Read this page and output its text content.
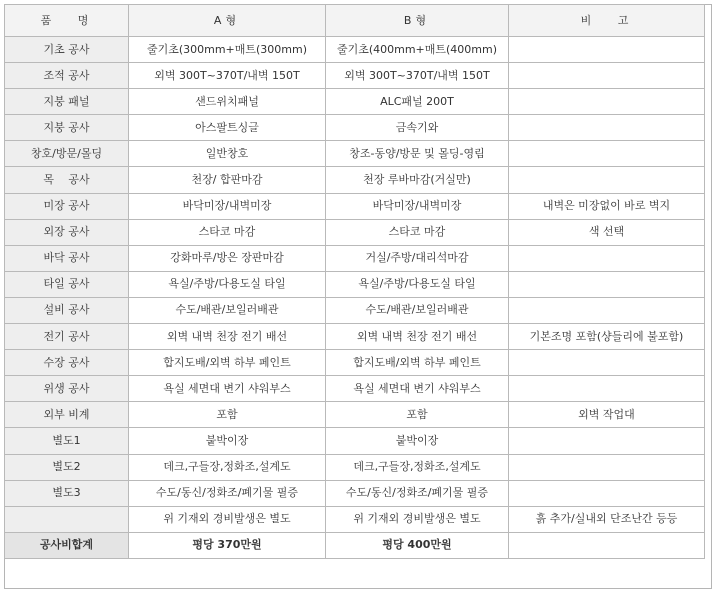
품　 명	A형	B형	비　 고
기초 공사	줄기초(300mm+매트(300mm)	줄기초(400mm+매트(400mm)	
조적 공사	외벽 300T~370T/내벽 150T	외벽 300T~370T/내벽 150T	
지붕 패널	샌드위치패널	ALC패널 200T	
지붕 공사	아스팔트싱글	금속기와	
창호/방문/몰딩	일반창호	창조-동양/방문 및 몰딩-영림	
목　 공사	천장/ 합판마감	천장 루바마감(거실만)	
미장 공사	바닥미장/내벽미장	바닥미장/내벽미장	내벽은 미장없이 바로 벽지
외장 공사	스타코 마감	스타코 마감	색 선택
바닥 공사	강화마루/방은 장판마감	거실/주방/대리석마감	
타일 공사	욕실/주방/다용도실 타일	욕실/주방/다용도실 타일	
설비 공사	수도/배관/보일러배관	수도/배관/보일러배관	
전기 공사	외벽 내벽 천장 전기 배선	외벽 내벽 천장 전기 배선	기본조명 포함(샹들리에 불포함)
수장 공사	합지도배/외벽 하부 페인트	합지도배/외벽 하부 페인트	
위생 공사	욕실 세면대 변기 샤워부스	욕실 세면대 변기 샤워부스	
외부 비계	포함	포함	외벽 작업대
별도1	붙박이장	붙박이장	
별도2	데크,구들장,정화조,설계도	데크,구들장,정화조,설계도	
별도3	수도/동신/정화조/폐기물 필증	수도/동신/정화조/폐기물 필증	
	위 기재외 경비발생은 별도	위 기재외 경비발생은 별도	흙 추가/실내외 단조난간 등등
공사비합계	평당 370만원	평당 400만원	
